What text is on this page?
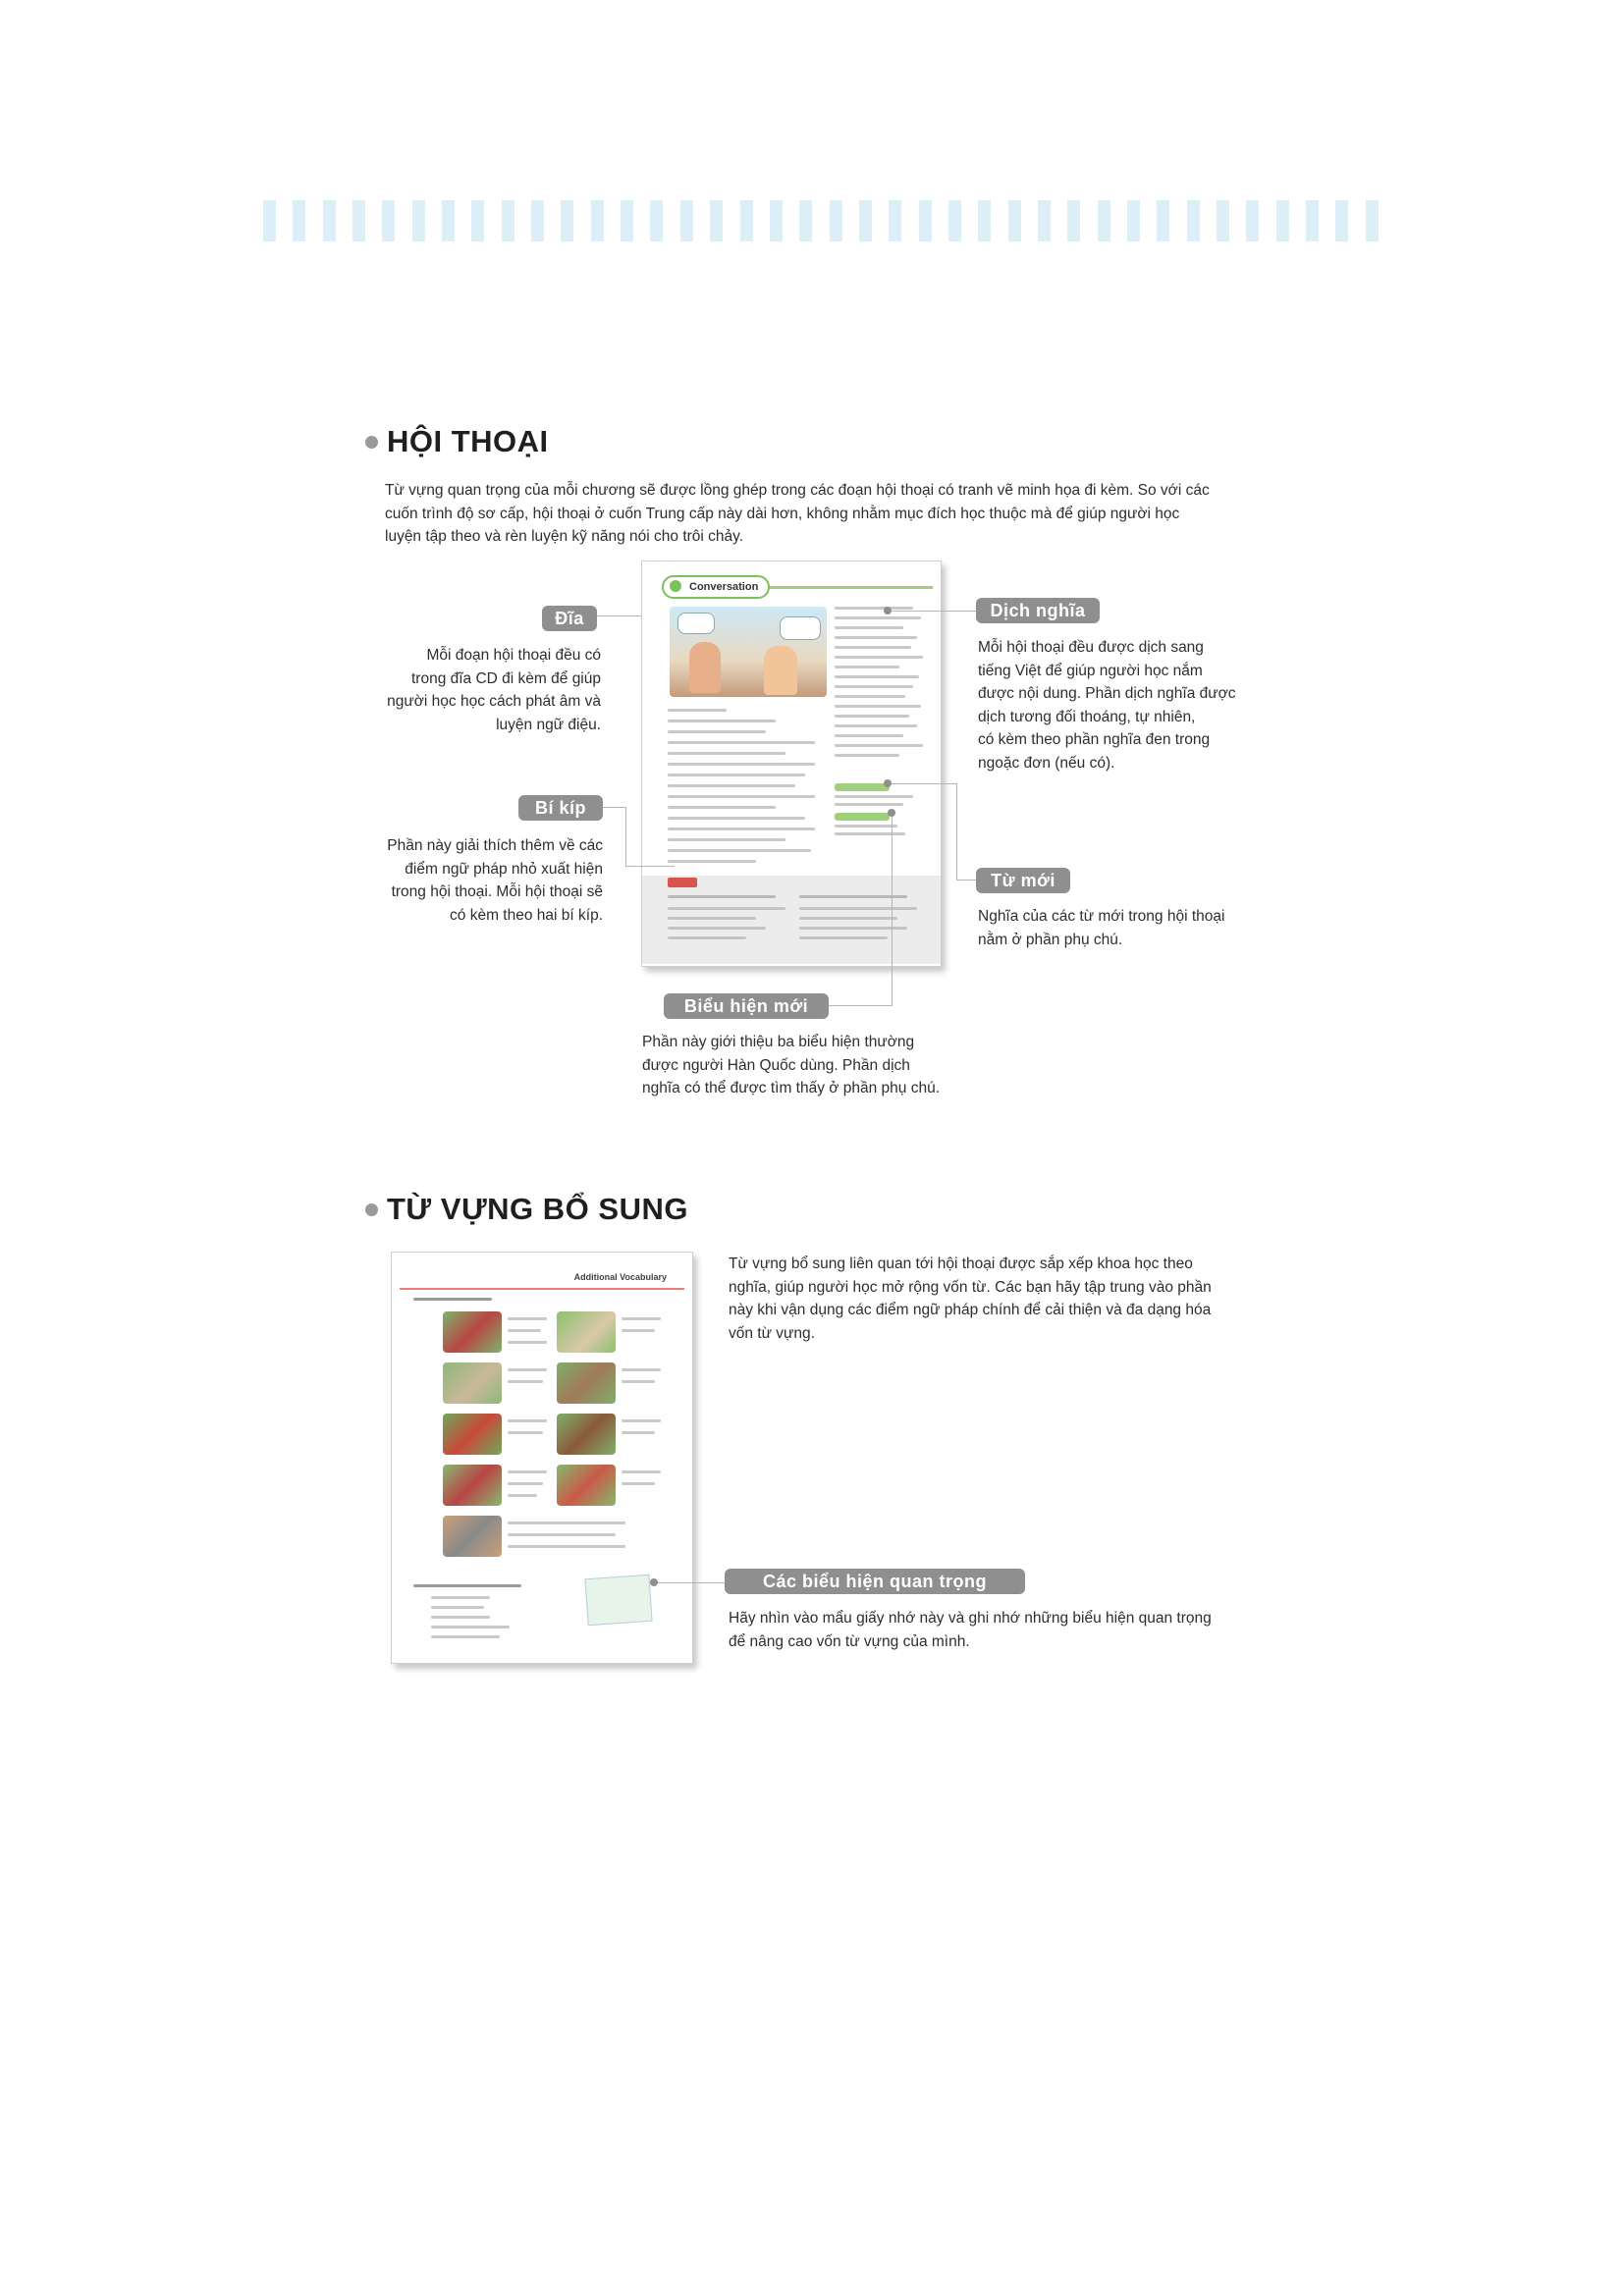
HỘI THOẠI
Từ vựng quan trọng của mỗi chương sẽ được lồng ghép trong các đoạn hội thoại có tranh vẽ minh họa đi kèm. So với các
cuốn trình độ sơ cấp, hội thoại ở cuốn Trung cấp này dài hơn, không nhằm mục đích học thuộc mà để giúp người học
luyện tập theo và rèn luyện kỹ năng nói cho trôi chảy.
Conversation
Đĩa
Mỗi đoạn hội thoại đều có
trong đĩa CD đi kèm để giúp
người học học cách phát âm và
luyện ngữ điệu.
Bí kíp
Phần này giải thích thêm về các
điểm ngữ pháp nhỏ xuất hiện
trong hội thoại. Mỗi hội thoại sẽ
có kèm theo hai bí kíp.
Dịch nghĩa
Mỗi hội thoại đều được dịch sang
tiếng Việt để giúp người học nắm
được nội dung. Phần dịch nghĩa được
dịch tương đối thoáng, tự nhiên,
có kèm theo phần nghĩa đen trong
ngoặc đơn (nếu có).
Từ mới
Nghĩa của các từ mới trong hội thoại
nằm ở phần phụ chú.
Biểu hiện mới
Phần này giới thiệu ba biểu hiện thường
được người Hàn Quốc dùng. Phần dịch
nghĩa có thể được tìm thấy ở phần phụ chú.
TỪ VỰNG BỔ SUNG
Từ vựng bổ sung liên quan tới hội thoại được sắp xếp khoa học theo
nghĩa, giúp người học mở rộng vốn từ. Các bạn hãy tập trung vào phần
này khi vận dụng các điểm ngữ pháp chính để cải thiện và đa dạng hóa
vốn từ vựng.
Additional Vocabulary
Các biểu hiện quan trọng
Hãy nhìn vào mẩu giấy nhớ này và ghi nhớ những biểu hiện quan trọng
để nâng cao vốn từ vựng của mình.
